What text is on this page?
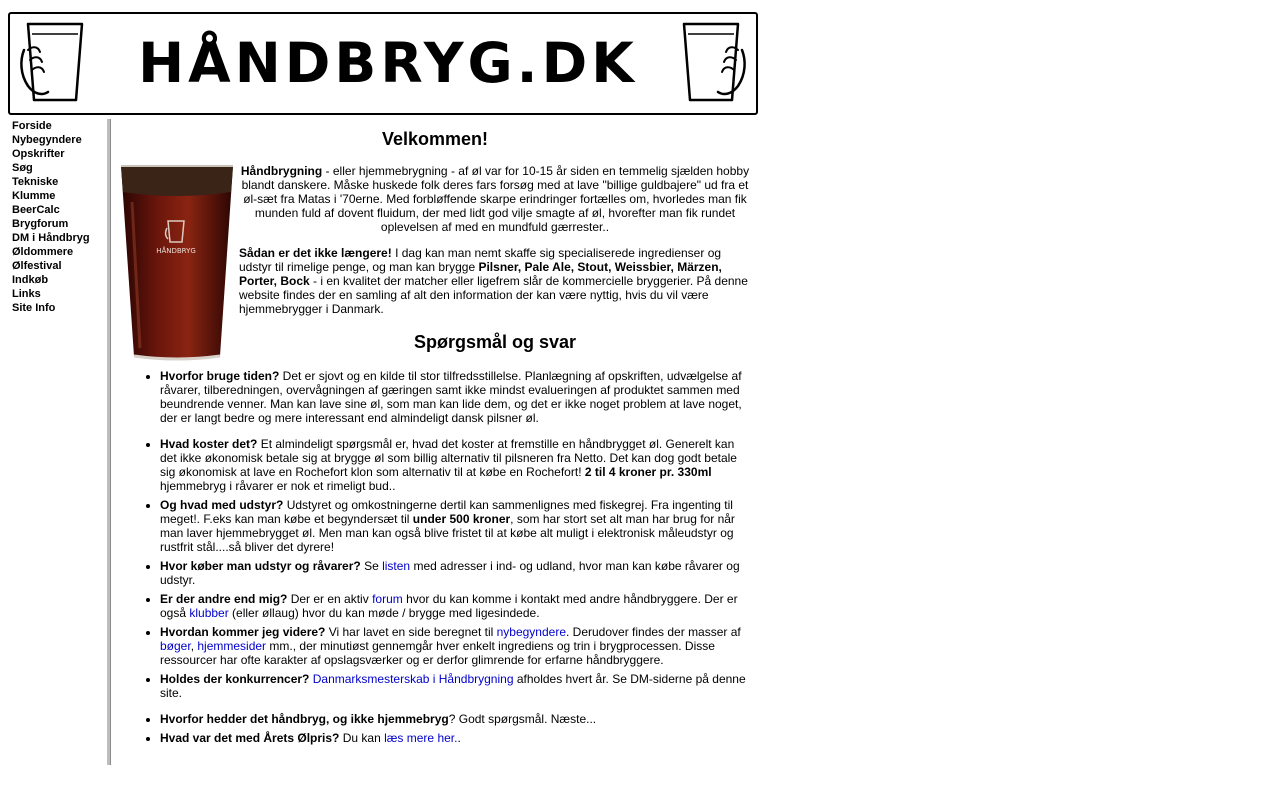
HÅNDBRYG.DK
Forside
Nybegyndere
Opskrifter
Søg
Tekniske
Klumme
BeerCalc
Brygforum
DM i Håndbryg
Øldommere
Ølfestival
Indkøb
Links
Site Info
Velkommen!
HÅNDBRYG

Håndbrygning - eller hjemmebrygning - af øl var for 10-15 år siden en temmelig sjælden hobby blandt danskere. Måske huskede folk deres fars forsøg med at lave "billige guldbajere" ud fra et øl-sæt fra Matas i '70erne. Med forbløffende skarpe erindringer fortælles om, hvorledes man fik munden fuld af dovent fluidum, der med lidt god vilje smagte af øl, hvorefter man fik rundet oplevelsen af med en mundfuld gærrester..

Sådan er det ikke længere! I dag kan man nemt skaffe sig specialiserede ingredienser og udstyr til rimelige penge, og man kan brygge Pilsner, Pale Ale, Stout, Weissbier, Märzen, Porter, Bock - i en kvalitet der matcher eller ligefrem slår de kommercielle bryggerier. På denne website findes der en samling af alt den information der kan være nyttig, hvis du vil være hjemmebrygger i Danmark.

Spørgsmål og svar
• Hvorfor bruge tiden? Det er sjovt og en kilde til stor tilfredsstillelse. Planlægning af opskriften, udvælgelse af råvarer, tilberedningen, overvågningen af gæringen samt ikke mindst evalueringen af produktet sammen med beundrende venner. Man kan lave sine øl, som man kan lide dem, og det er ikke noget problem at lave noget, der er langt bedre og mere interessant end almindeligt dansk pilsner øl.
• Hvad koster det? Et almindeligt spørgsmål er, hvad det koster at fremstille en håndbrygget øl. Generelt kan det ikke økonomisk betale sig at brygge øl som billig alternativ til pilsneren fra Netto. Det kan dog godt betale sig økonomisk at lave en Rochefort klon som alternativ til at købe en Rochefort! 2 til 4 kroner pr. 330ml hjemmebryg i råvarer er nok et rimeligt bud..
• Og hvad med udstyr? Udstyret og omkostningerne dertil kan sammenlignes med fiskegrej. Fra ingenting til meget!. F.eks kan man købe et begyndersæt til under 500 kroner, som har stort set alt man har brug for når man laver hjemmebrygget øl. Men man kan også blive fristet til at købe alt muligt i elektronisk måleudstyr og rustfrit stål....så bliver det dyrere!
• Hvor køber man udstyr og råvarer? Se listen med adresser i ind- og udland, hvor man kan købe råvarer og udstyr.
• Er der andre end mig? Der er en aktiv forum hvor du kan komme i kontakt med andre håndbryggere. Der er også klubber (eller øllaug) hvor du kan møde / brygge med ligesindede.
• Hvordan kommer jeg videre? Vi har lavet en side beregnet til nybegyndere. Derudover findes der masser af bøger, hjemmesider mm., der minutiøst gennemgår hver enkelt ingrediens og trin i brygprocessen. Disse ressourcer har ofte karakter af opslagsværker og er derfor glimrende for erfarne håndbryggere.
• Holdes der konkurrencer? Danmarksmesterskab i Håndbrygning afholdes hvert år. Se DM-siderne på denne site.
• Hvorfor hedder det håndbryg, og ikke hjemmebryg? Godt spørgsmål. Næste...
• Hvad var det med Årets Ølpris? Du kan læs mere her..
